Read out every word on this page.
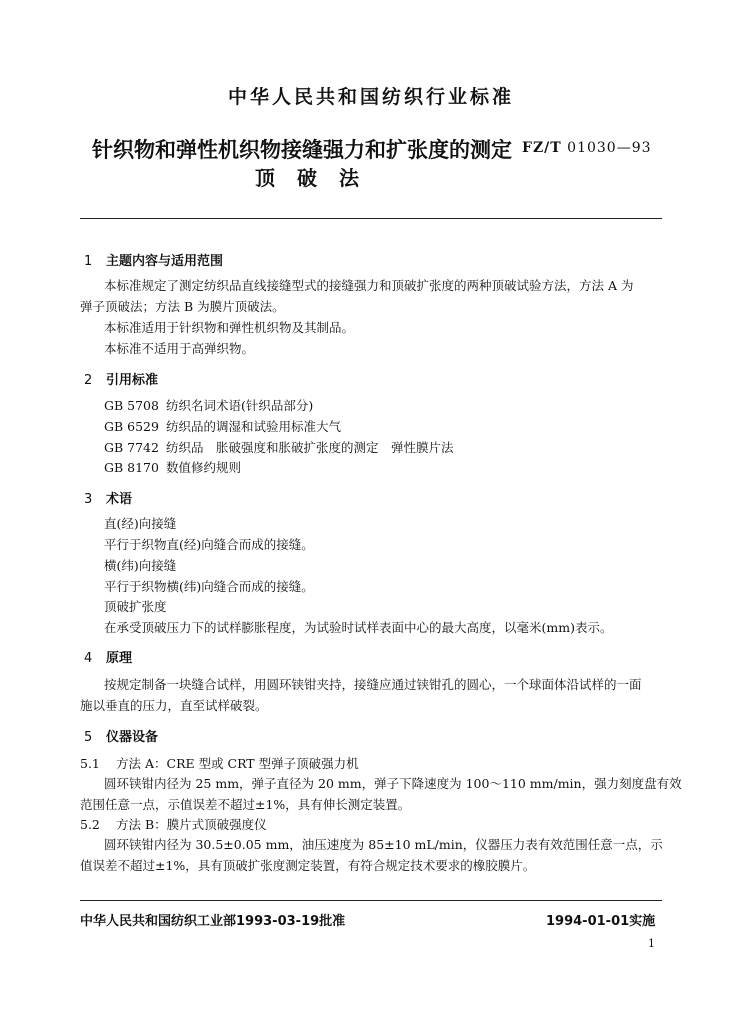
中华人民共和国纺织行业标准
针织物和弹性机织物接缝强力和扩张度的测定 FZ/T 01030—93
顶破法
1 主题内容与适用范围
本标准规定了测定纺织品直线接缝型式的接缝强力和顶破扩张度的两种顶破试验方法，方法 A 为
弹子顶破法；方法 B 为膜片顶破法。
本标准适用于针织物和弹性机织物及其制品。
本标准不适用于高弹织物。
2 引用标准
GB 5708 纺织名词术语(针织品部分)
GB 6529 纺织品的调湿和试验用标准大气
GB 7742 纺织品　胀破强度和胀破扩张度的测定　弹性膜片法
GB 8170 数值修约规则
3 术语
直(经)向接缝
平行于织物直(经)向缝合而成的接缝。
横(纬)向接缝
平行于织物横(纬)向缝合而成的接缝。
顶破扩张度
在承受顶破压力下的试样膨胀程度，为试验时试样表面中心的最大高度，以毫米(mm)表示。
4 原理
按规定制备一块缝合试样，用圆环铗钳夹持，接缝应通过铗钳孔的圆心，一个球面体沿试样的一面
施以垂直的压力，直至试样破裂。
5 仪器设备
5.1 方法 A：CRE 型或 CRT 型弹子顶破强力机
圆环铗钳内径为 25 mm，弹子直径为 20 mm，弹子下降速度为 100～110 mm/min，强力刻度盘有效
范围任意一点，示值误差不超过±1%，具有伸长测定装置。
5.2 方法 B：膜片式顶破强度仪
圆环铗钳内径为 30.5±0.05 mm，油压速度为 85±10 mL/min，仪器压力表有效范围任意一点，示
值误差不超过±1%，具有顶破扩张度测定装置，有符合规定技术要求的橡胶膜片。
中华人民共和国纺织工业部1993-03-19批准	1994-01-01实施
1
